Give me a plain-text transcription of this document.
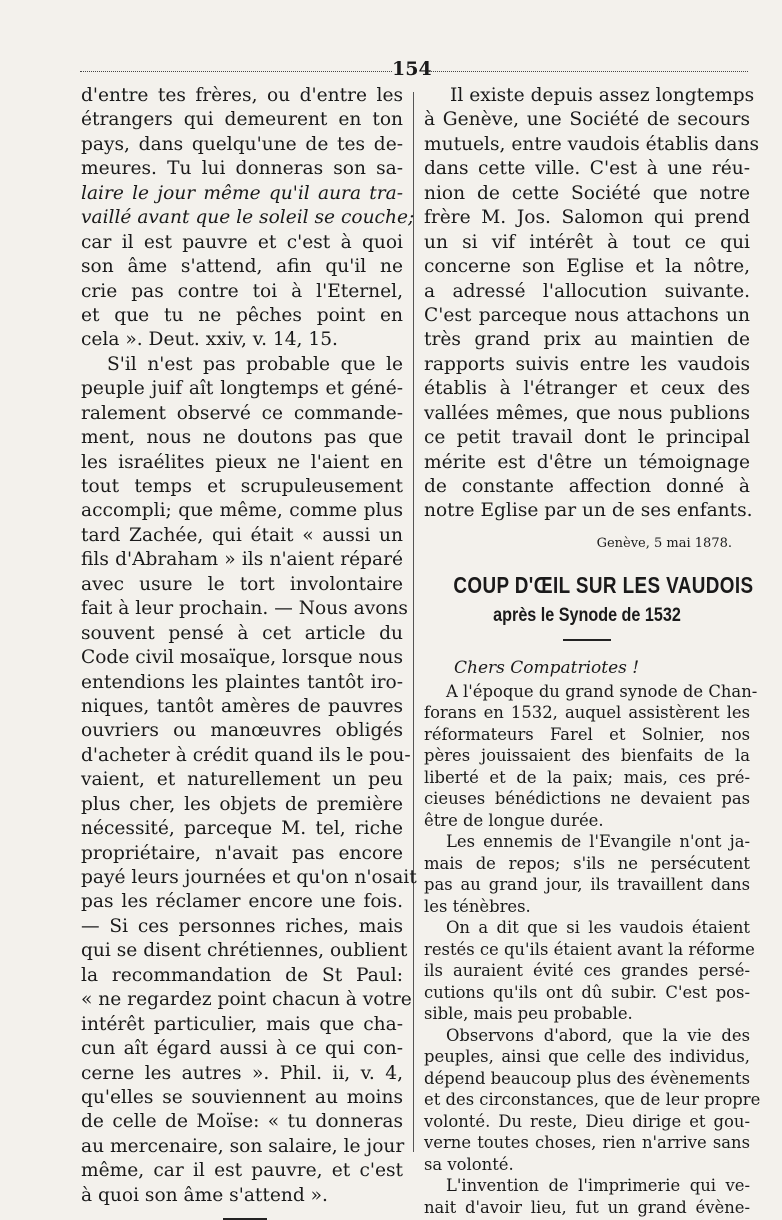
154
d'entre tes frères, ou d'entre les
étrangers qui demeurent en ton
pays, dans quelqu'une de tes de-
meures. Tu lui donneras son sa-
laire le jour même qu'il aura tra-
vaillé avant que le soleil se couche;
car il est pauvre et c'est à quoi
son âme s'attend, afin qu'il ne
crie pas contre toi à l'Eternel,
et que tu ne pêches point en
cela ». Deut. xxiv, v. 14, 15.
S'il n'est pas probable que le
peuple juif aît longtemps et géné-
ralement observé ce commande-
ment, nous ne doutons pas que
les israélites pieux ne l'aient en
tout temps et scrupuleusement
accompli; que même, comme plus
tard Zachée, qui était « aussi un
fils d'Abraham » ils n'aient réparé
avec usure le tort involontaire
fait à leur prochain. — Nous avons
souvent pensé à cet article du
Code civil mosaïque, lorsque nous
entendions les plaintes tantôt iro-
niques, tantôt amères de pauvres
ouvriers ou manœuvres obligés
d'acheter à crédit quand ils le pou-
vaient, et naturellement un peu
plus cher, les objets de première
nécessité, parceque M. tel, riche
propriétaire, n'avait pas encore
payé leurs journées et qu'on n'osait
pas les réclamer encore une fois.
— Si ces personnes riches, mais
qui se disent chrétiennes, oublient
la recommandation de St Paul:
« ne regardez point chacun à votre
intérêt particulier, mais que cha-
cun aît égard aussi à ce qui con-
cerne les autres ». Phil. ii, v. 4,
qu'elles se souviennent au moins
de celle de Moïse: « tu donneras
au mercenaire, son salaire, le jour
même, car il est pauvre, et c'est
à quoi son âme s'attend ».
Il existe depuis assez longtemps
à Genève, une Société de secours
mutuels, entre vaudois établis dans
dans cette ville. C'est à une réu-
nion de cette Société que notre
frère M. Jos. Salomon qui prend
un si vif intérêt à tout ce qui
concerne son Eglise et la nôtre,
a adressé l'allocution suivante.
C'est parceque nous attachons un
très grand prix au maintien de
rapports suivis entre les vaudois
établis à l'étranger et ceux des
vallées mêmes, que nous publions
ce petit travail dont le principal
mérite est d'être un témoignage
de constante affection donné à
notre Eglise par un de ses enfants.
Genève, 5 mai 1878.
COUP D'ŒIL SUR LES VAUDOIS
après le Synode de 1532
Chers Compatriotes !
A l'époque du grand synode de Chan-
forans en 1532, auquel assistèrent les
réformateurs Farel et Solnier, nos
pères jouissaient des bienfaits de la
liberté et de la paix; mais, ces pré-
cieuses bénédictions ne devaient pas
être de longue durée.
Les ennemis de l'Evangile n'ont ja-
mais de repos; s'ils ne persécutent
pas au grand jour, ils travaillent dans
les ténèbres.
On a dit que si les vaudois étaient
restés ce qu'ils étaient avant la réforme
ils auraient évité ces grandes persé-
cutions qu'ils ont dû subir. C'est pos-
sible, mais peu probable.
Observons d'abord, que la vie des
peuples, ainsi que celle des individus,
dépend beaucoup plus des évènements
et des circonstances, que de leur propre
volonté. Du reste, Dieu dirige et gou-
verne toutes choses, rien n'arrive sans
sa volonté.
L'invention de l'imprimerie qui ve-
nait d'avoir lieu, fut un grand évène-
